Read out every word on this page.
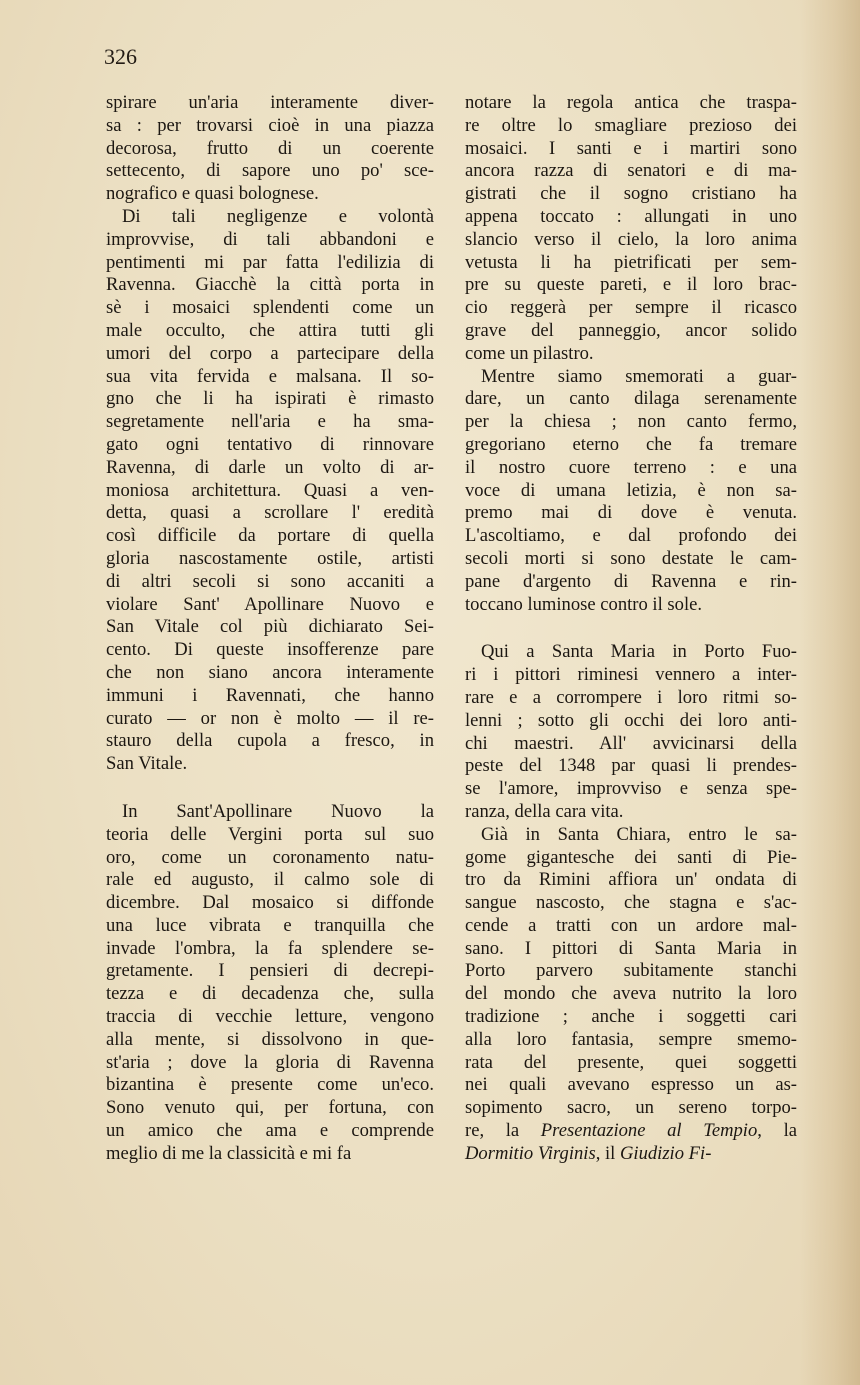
326
spirare un'aria interamente diver-
sa : per trovarsi cioè in una piazza
decorosa, frutto di un coerente
settecento, di sapore uno po' sce-
nografico e quasi bolognese.
Di tali negligenze e volontà
improvvise, di tali abbandoni e
pentimenti mi par fatta l'edilizia di
Ravenna. Giacchè la città porta in
sè i mosaici splendenti come un
male occulto, che attira tutti gli
umori del corpo a partecipare della
sua vita fervida e malsana. Il so-
gno che li ha ispirati è rimasto
segretamente nell'aria e ha sma-
gato ogni tentativo di rinnovare
Ravenna, di darle un volto di ar-
moniosa architettura. Quasi a ven-
detta, quasi a scrollare l' eredità
così difficile da portare di quella
gloria nascostamente ostile, artisti
di altri secoli si sono accaniti a
violare Sant' Apollinare Nuovo e
San Vitale col più dichiarato Sei-
cento. Di queste insofferenze pare
che non siano ancora interamente
immuni i Ravennati, che hanno
curato — or non è molto — il re-
stauro della cupola a fresco, in
San Vitale.
In Sant'Apollinare Nuovo la
teoria delle Vergini porta sul suo
oro, come un coronamento natu-
rale ed augusto, il calmo sole di
dicembre. Dal mosaico si diffonde
una luce vibrata e tranquilla che
invade l'ombra, la fa splendere se-
gretamente. I pensieri di decrepi-
tezza e di decadenza che, sulla
traccia di vecchie letture, vengono
alla mente, si dissolvono in que-
st'aria ; dove la gloria di Ravenna
bizantina è presente come un'eco.
Sono venuto qui, per fortuna, con
un amico che ama e comprende
meglio di me la classicità e mi fa
notare la regola antica che traspa-
re oltre lo smagliare prezioso dei
mosaici. I santi e i martiri sono
ancora razza di senatori e di ma-
gistrati che il sogno cristiano ha
appena toccato : allungati in uno
slancio verso il cielo, la loro anima
vetusta li ha pietrificati per sem-
pre su queste pareti, e il loro brac-
cio reggerà per sempre il ricasco
grave del panneggio, ancor solido
come un pilastro.
Mentre siamo smemorati a guar-
dare, un canto dilaga serenamente
per la chiesa ; non canto fermo,
gregoriano eterno che fa tremare
il nostro cuore terreno : e una
voce di umana letizia, è non sa-
premo mai di dove è venuta.
L'ascoltiamo, e dal profondo dei
secoli morti si sono destate le cam-
pane d'argento di Ravenna e rin-
toccano luminose contro il sole.
Qui a Santa Maria in Porto Fuo-
ri i pittori riminesi vennero a inter-
rare e a corrompere i loro ritmi so-
lenni ; sotto gli occhi dei loro anti-
chi maestri. All' avvicinarsi della
peste del 1348 par quasi li prendes-
se l'amore, improvviso e senza spe-
ranza, della cara vita.
Già in Santa Chiara, entro le sa-
gome gigantesche dei santi di Pie-
tro da Rimini affiora un' ondata di
sangue nascosto, che stagna e s'ac-
cende a tratti con un ardore mal-
sano. I pittori di Santa Maria in
Porto parvero subitamente stanchi
del mondo che aveva nutrito la loro
tradizione ; anche i soggetti cari
alla loro fantasia, sempre smemo-
rata del presente, quei soggetti
nei quali avevano espresso un as-
sopimento sacro, un sereno torpo-
re, la Presentazione al Tempio, la
Dormitio Virginis, il Giudizio Fi-
